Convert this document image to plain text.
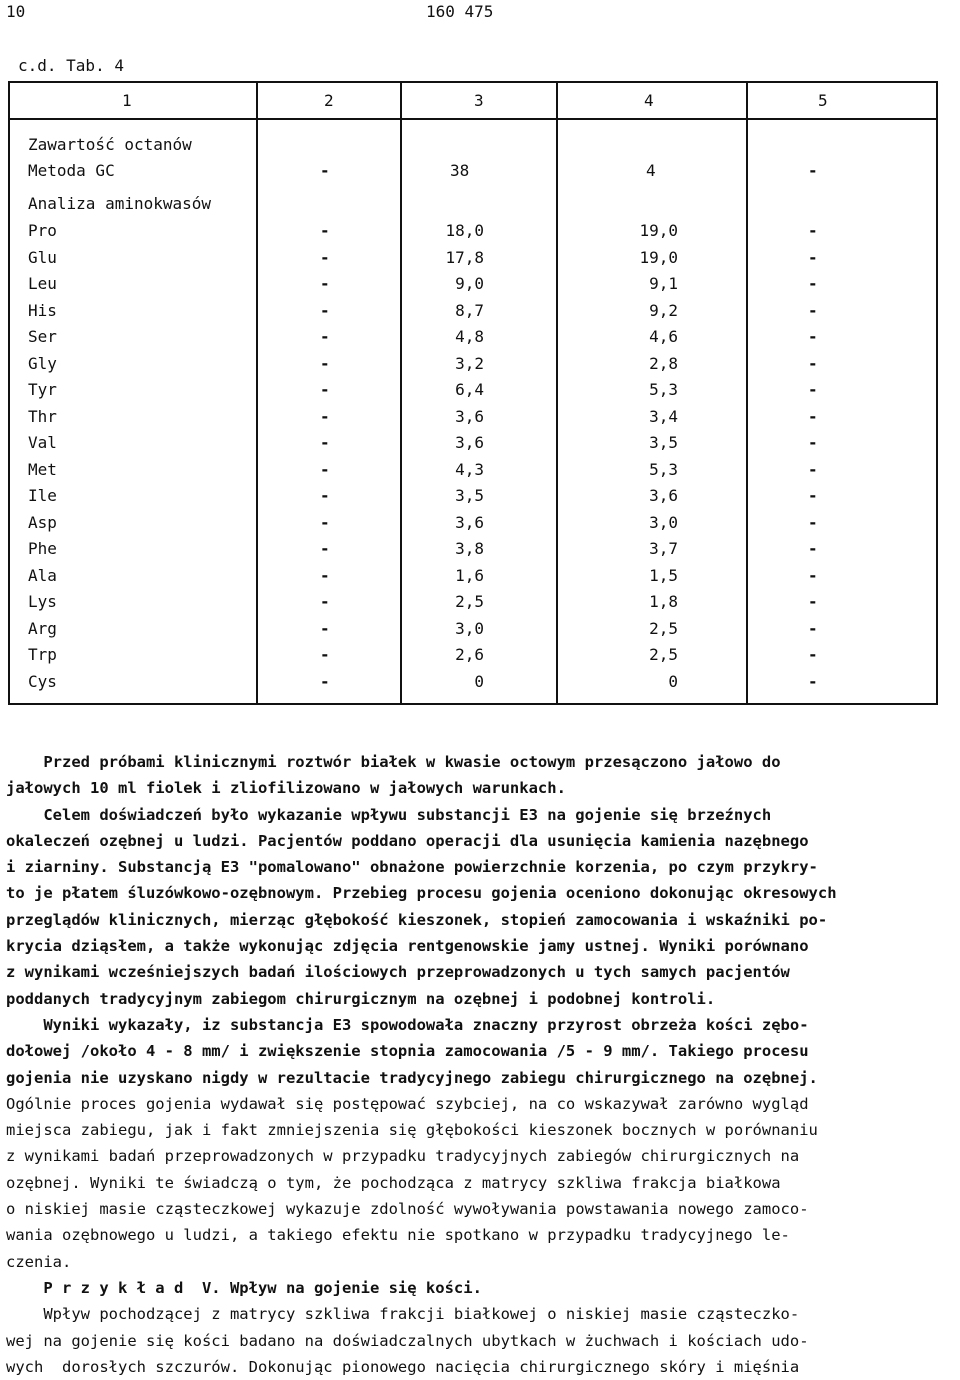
10	160 475
c.d. Tab. 4
1	2	3	4	5
Zawartość octanów
Metoda GC	-	38	4	-
Analiza aminokwasów
Pro	-	18,0	19,0	-
Glu	-	17,8	19,0	-
Leu	-	9,0	9,1	-
His	-	8,7	9,2	-
Ser	-	4,8	4,6	-
Gly	-	3,2	2,8	-
Tyr	-	6,4	5,3	-
Thr	-	3,6	3,4	-
Val	-	3,6	3,5	-
Met	-	4,3	5,3	-
Ile	-	3,5	3,6	-
Asp	-	3,6	3,0	-
Phe	-	3,8	3,7	-
Ala	-	1,6	1,5	-
Lys	-	2,5	1,8	-
Arg	-	3,0	2,5	-
Trp	-	2,6	2,5	-
Cys	-	0	0	-
Przed próbami klinicznymi roztwór białek w kwasie octowym przesączono jałowo do
jałowych 10 ml fiolek i zliofilizowano w jałowych warunkach.
Celem doświadczeń było wykazanie wpływu substancji E3 na gojenie się brzeźnych
okaleczeń ozębnej u ludzi. Pacjentów poddano operacji dla usunięcia kamienia nazębnego
i ziarniny. Substancją E3 "pomalowano" obnażone powierzchnie korzenia, po czym przykry-
to je płatem śluzówkowo-ozębnowym. Przebieg procesu gojenia oceniono dokonując okresowych
przeglądów klinicznych, mierząc głębokość kieszonek, stopień zamocowania i wskaźniki po-
krycia dziąsłem, a także wykonując zdjęcia rentgenowskie jamy ustnej. Wyniki porównano
z wynikami wcześniejszych badań ilościowych przeprowadzonych u tych samych pacjentów
poddanych tradycyjnym zabiegom chirurgicznym na ozębnej i podobnej kontroli.
Wyniki wykazały, iz substancja E3 spowodowała znaczny przyrost obrzeża kości zębo-
dołowej /około 4 - 8 mm/ i zwiększenie stopnia zamocowania /5 - 9 mm/. Takiego procesu
gojenia nie uzyskano nigdy w rezultacie tradycyjnego zabiegu chirurgicznego na ozębnej.
Ogólnie proces gojenia wydawał się postępować szybciej, na co wskazywał zarówno wygląd
miejsca zabiegu, jak i fakt zmniejszenia się głębokości kieszonek bocznych w porównaniu
z wynikami badań przeprowadzonych w przypadku tradycyjnych zabiegów chirurgicznych na
ozębnej. Wyniki te świadczą o tym, że pochodząca z matrycy szkliwa frakcja białkowa
o niskiej masie cząsteczkowej wykazuje zdolność wywoływania powstawania nowego zamoco-
wania ozębnowego u ludzi, a takiego efektu nie spotkano w przypadku tradycyjnego le-
czenia.
P r z y k ł a d  V. Wpływ na gojenie się kości.
Wpływ pochodzącej z matrycy szkliwa frakcji białkowej o niskiej masie cząsteczko-
wej na gojenie się kości badano na doświadczalnych ubytkach w żuchwach i kościach udo-
wych  dorosłych szczurów. Dokonując pionowego nacięcia chirurgicznego skóry i mięśnia
